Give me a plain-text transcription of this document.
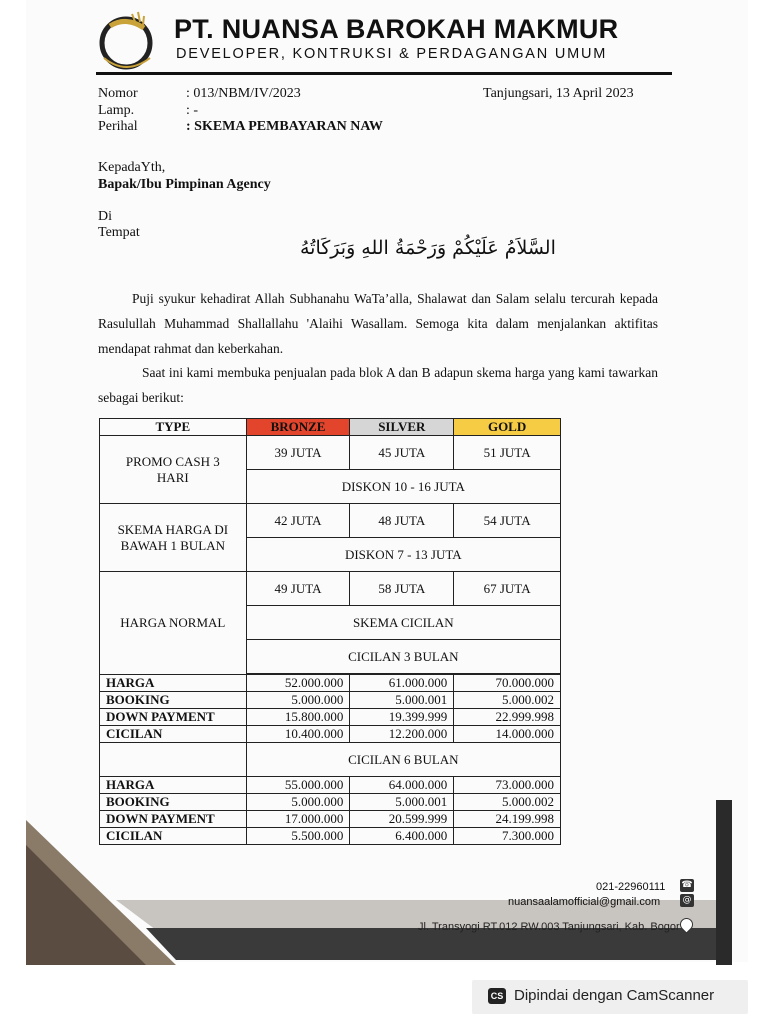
PT. NUANSA BAROKAH MAKMUR
DEVELOPER, KONTRUKSI & PERDAGANGAN UMUM
Nomor	: 013/NBM/IV/2023
Lamp.	: -
Perihal	: SKEMA PEMBAYARAN NAW
Tanjungsari, 13 April 2023
KepadaYth,
Bapak/Ibu Pimpinan Agency
Di
Tempat
السَّلاَمُ عَلَيْكُمْ وَرَحْمَةُ اللهِ وَبَرَكَاتُهُ
Puji syukur kehadirat Allah Subhanahu WaTa’alla, Shalawat dan Salam selalu tercurah kepada Rasulullah Muhammad Shallallahu 'Alaihi Wasallam. Semoga kita dalam menjalankan aktifitas mendapat rahmat dan keberkahan.
Saat ini kami membuka penjualan pada blok A dan B adapun skema harga yang kami tawarkan sebagai berikut:
TYPE	BRONZE	SILVER	GOLD
PROMO CASH 3 HARI	39 JUTA	45 JUTA	51 JUTA
	DISKON 10 - 16 JUTA		
SKEMA HARGA DI BAWAH 1 BULAN	42 JUTA	48 JUTA	54 JUTA
	DISKON 7 - 13 JUTA		
HARGA NORMAL	49 JUTA	58 JUTA	67 JUTA
	SKEMA CICILAN		
	CICILAN 3 BULAN		

HARGA	52.000.000	61.000.000	70.000.000
BOOKING	5.000.000	5.000.001	5.000.002
DOWN PAYMENT	15.800.000	19.399.999	22.999.998
CICILAN	10.400.000	12.200.000	14.000.000
	CICILAN 6 BULAN		
HARGA	55.000.000	64.000.000	73.000.000
BOOKING	5.000.000	5.000.001	5.000.002
DOWN PAYMENT	17.000.000	20.599.999	24.199.998
CICILAN	5.500.000	6.400.000	7.300.000
021-22960111 ☎
nuansaalamofficial@gmail.com @
Jl. Transyogi RT.012 RW.003 Tanjungsari, Kab. Bogor
CS Dipindai dengan CamScanner
